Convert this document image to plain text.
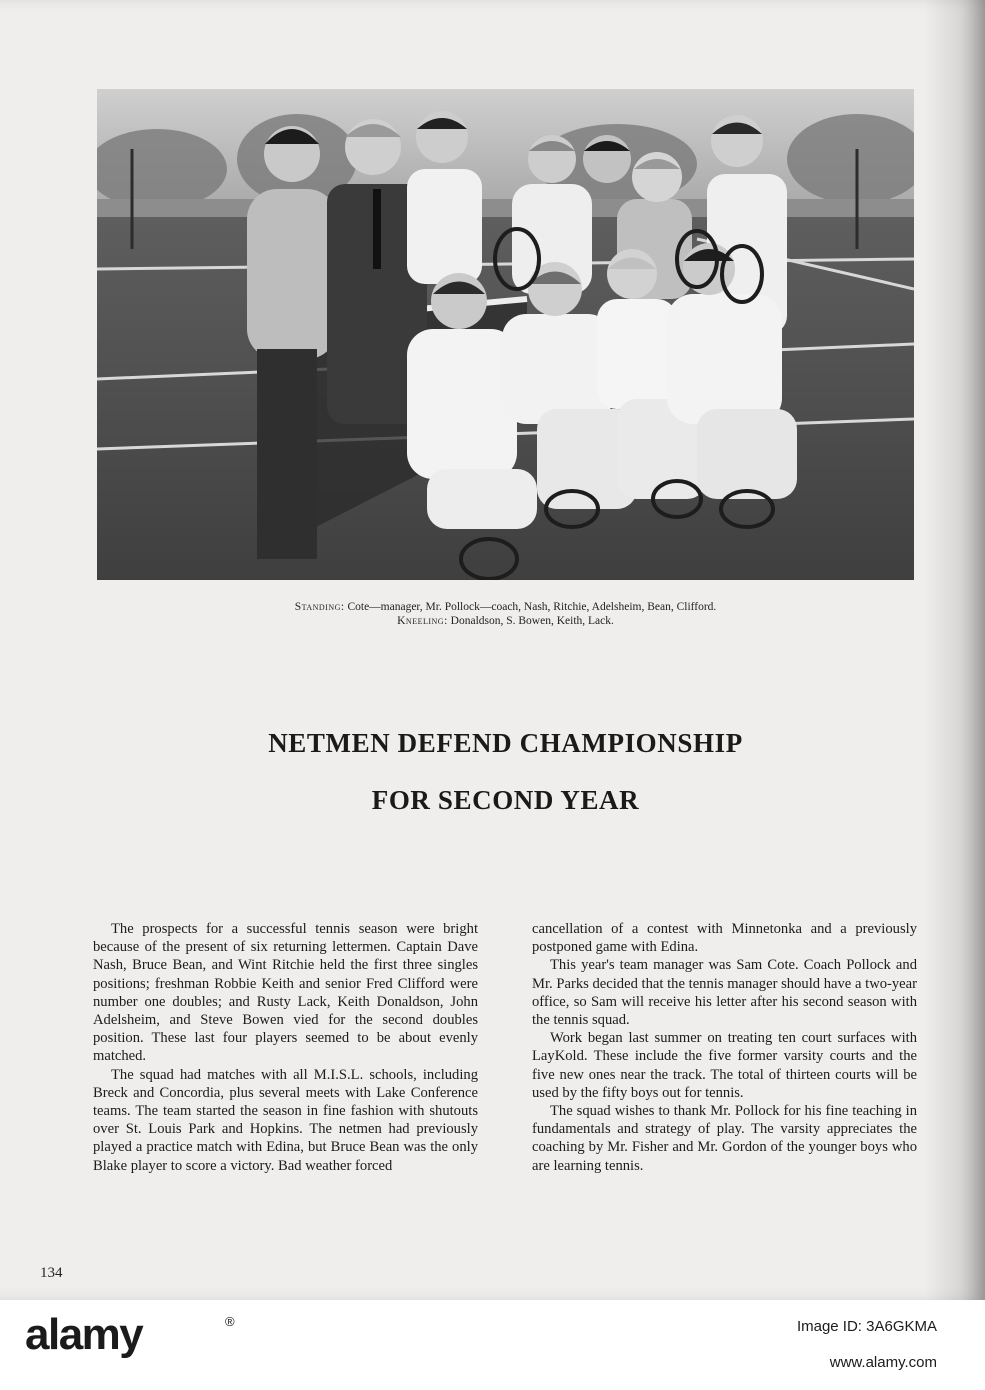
Standing: Cote—manager, Mr. Pollock—coach, Nash, Ritchie, Adelsheim, Bean, Clifford.
Kneeling: Donaldson, S. Bowen, Keith, Lack.
NETMEN DEFEND CHAMPIONSHIP
FOR SECOND YEAR

The prospects for a successful tennis season were bright because of the present of six returning lettermen. Captain Dave Nash, Bruce Bean, and Wint Ritchie held the first three singles positions; freshman Robbie Keith and senior Fred Clifford were number one doubles; and Rusty Lack, Keith Donaldson, John Adelsheim, and Steve Bowen vied for the second doubles position. These last four players seemed to be about evenly matched.

The squad had matches with all M.I.S.L. schools, including Breck and Concordia, plus several meets with Lake Conference teams. The team started the season in fine fashion with shutouts over St. Louis Park and Hopkins. The netmen had previously played a practice match with Edina, but Bruce Bean was the only Blake player to score a victory. Bad weather forced

cancellation of a contest with Minnetonka and a previously postponed game with Edina.

This year's team manager was Sam Cote. Coach Pollock and Mr. Parks decided that the tennis manager should have a two-year office, so Sam will receive his letter after his second season with the tennis squad.

Work began last summer on treating ten court surfaces with LayKold. These include the five former varsity courts and the five new ones near the track. The total of thirteen courts will be used by the fifty boys out for tennis.

The squad wishes to thank Mr. Pollock for his fine teaching in fundamentals and strategy of play. The varsity appreciates the coaching by Mr. Fisher and Mr. Gordon of the younger boys who are learning tennis.

134
alamy	®	Image ID: 3A6GKMA
www.alamy.com
